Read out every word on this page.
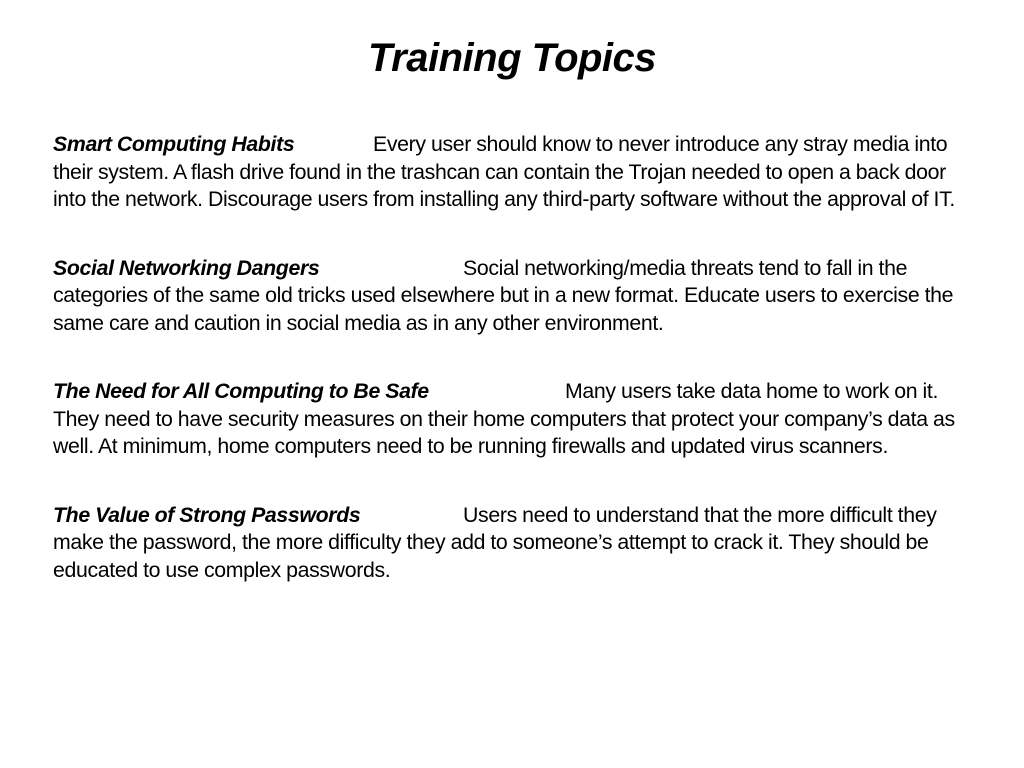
Training Topics

Smart Computing Habits	Every user should know to never introduce any stray media into their system. A flash drive found in the trashcan can contain the Trojan needed to open a back door into the network. Discourage users from installing any third-party software without the approval of IT.

Social Networking Dangers	Social networking/media threats tend to fall in the categories of the same old tricks used elsewhere but in a new format. Educate users to exercise the same care and caution in social media as in any other environment.

The Need for All Computing to Be Safe	Many users take data home to work on it. They need to have security measures on their home computers that protect your company’s data as well. At minimum, home computers need to be running firewalls and updated virus scanners.

The Value of Strong Passwords	Users need to understand that the more difficult they make the password, the more difficulty they add to someone’s attempt to crack it. They should be educated to use complex passwords.
